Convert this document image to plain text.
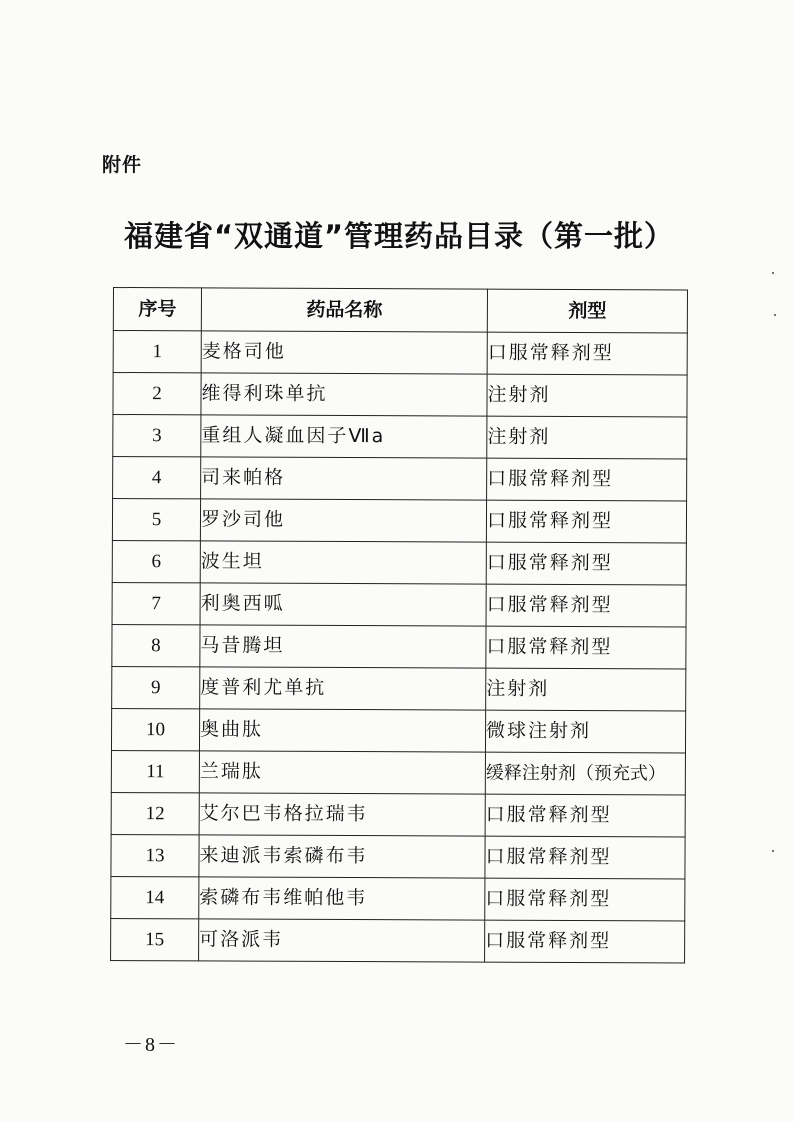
附件
福建省“双通道”管理药品目录（第一批）
序号	药品名称	剂型
1	麦格司他	口服常释剂型
2	维得利珠单抗	注射剂
3	重组人凝血因子Ⅶa	注射剂
4	司来帕格	口服常释剂型
5	罗沙司他	口服常释剂型
6	波生坦	口服常释剂型
7	利奥西呱	口服常释剂型
8	马昔腾坦	口服常释剂型
9	度普利尤单抗	注射剂
10	奥曲肽	微球注射剂
11	兰瑞肽	缓释注射剂（预充式）
12	艾尔巴韦格拉瑞韦	口服常释剂型
13	来迪派韦索磷布韦	口服常释剂型
14	索磷布韦维帕他韦	口服常释剂型
15	可洛派韦	口服常释剂型
－8－
